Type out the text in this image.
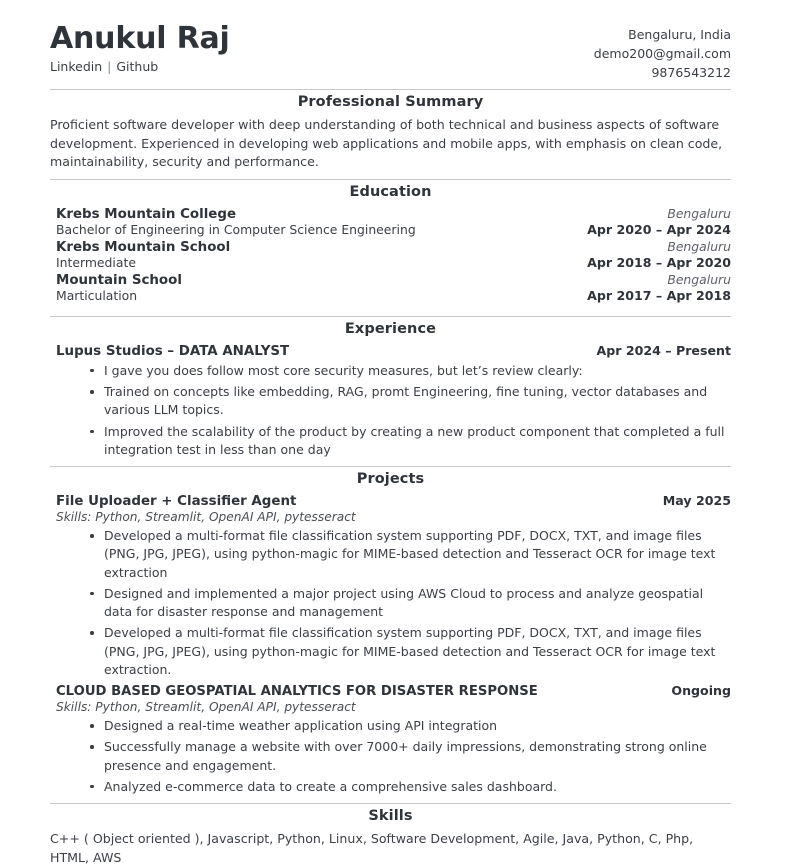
Anukul Raj
Linkedin | Github
Bengaluru, India
demo200@gmail.com
9876543212
Professional Summary

Proficient software developer with deep understanding of both technical and business aspects of software development. Experienced in developing web applications and mobile apps, with emphasis on clean code, maintainability, security and performance.

Education
Krebs Mountain College	Bengaluru
Bachelor of Engineering in Computer Science Engineering	Apr 2020 – Apr 2024
Krebs Mountain School	Bengaluru
Intermediate	Apr 2018 – Apr 2020
Mountain School	Bengaluru
Marticulation	Apr 2017 – Apr 2018
Experience
Lupus Studios – DATA ANALYST	Apr 2024 – Present
I gave you does follow most core security measures, but let’s review clearly:
Trained on concepts like embedding, RAG, promt Engineering, fine tuning, vector databases and various LLM topics.
Improved the scalability of the product by creating a new product component that completed a full integration test in less than one day
Projects
File Uploader + Classifier Agent	May 2025
Skills: Python, Streamlit, OpenAI API, pytesseract
Developed a multi-format file classification system supporting PDF, DOCX, TXT, and image files (PNG, JPG, JPEG), using python-magic for MIME-based detection and Tesseract OCR for image text extraction
Designed and implemented a major project using AWS Cloud to process and analyze geospatial data for disaster response and management
Developed a multi-format file classification system supporting PDF, DOCX, TXT, and image files (PNG, JPG, JPEG), using python-magic for MIME-based detection and Tesseract OCR for image text extraction.
CLOUD BASED GEOSPATIAL ANALYTICS FOR DISASTER RESPONSE	Ongoing
Skills: Python, Streamlit, OpenAI API, pytesseract
Designed a real-time weather application using API integration
Successfully manage a website with over 7000+ daily impressions, demonstrating strong online presence and engagement.
Analyzed e-commerce data to create a comprehensive sales dashboard.
Skills
C++ ( Object oriented ), Javascript, Python, Linux, Software Development, Agile, Java, Python, C, Php, HTML, AWS
